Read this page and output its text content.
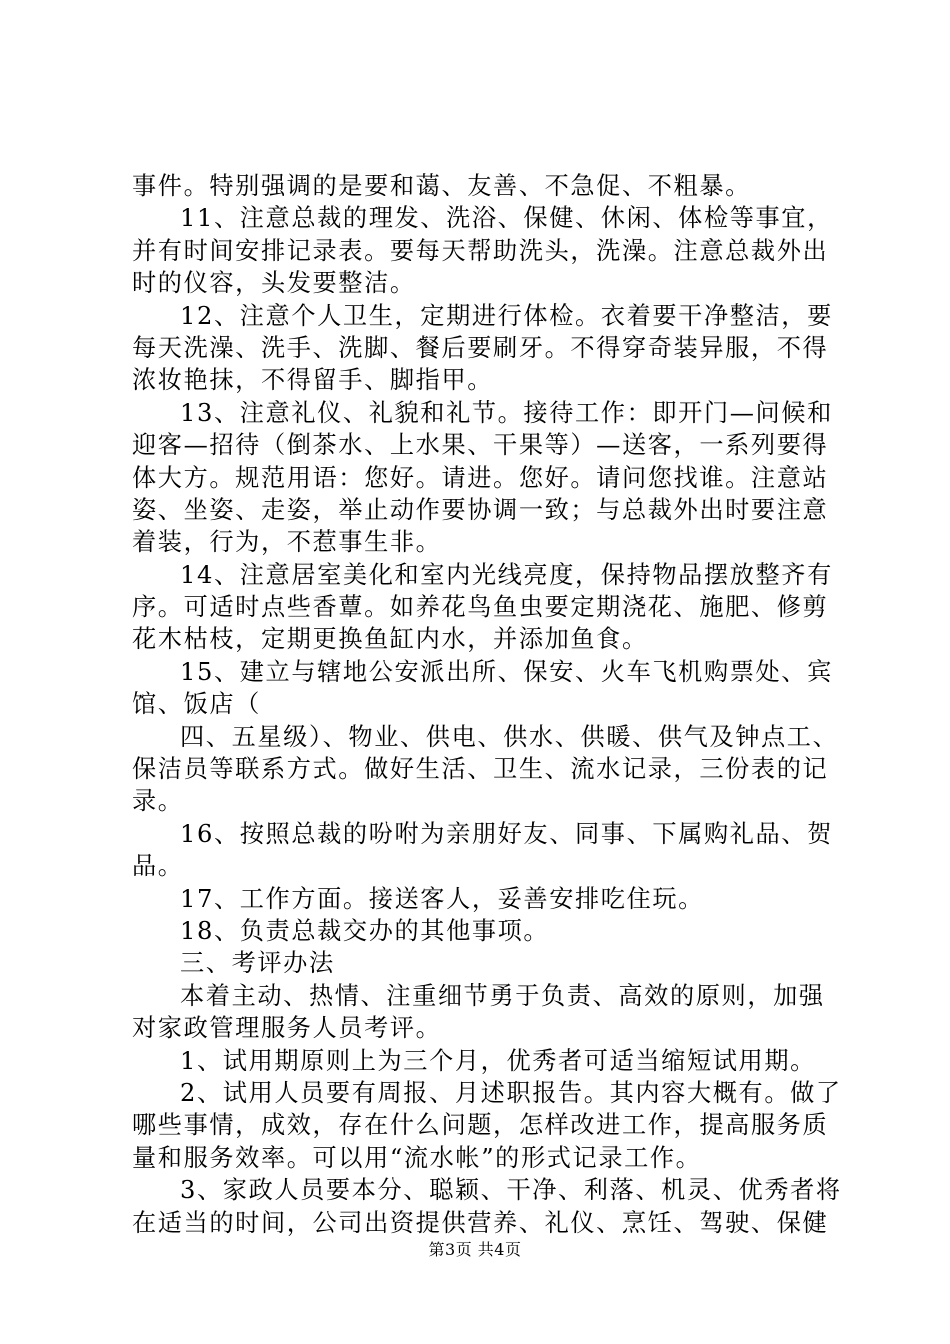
事件。特别强调的是要和蔼、友善、不急促、不粗暴。
11、注意总裁的理发、洗浴、保健、休闲、体检等事宜，
并有时间安排记录表。要每天帮助洗头，洗澡。注意总裁外出
时的仪容，头发要整洁。
12、注意个人卫生，定期进行体检。衣着要干净整洁，要
每天洗澡、洗手、洗脚、餐后要刷牙。不得穿奇装异服，不得
浓妆艳抹，不得留手、脚指甲。
13、注意礼仪、礼貌和礼节。接待工作：即开门—问候和
迎客—招待（倒茶水、上水果、干果等）—送客，一系列要得
体大方。规范用语：您好。请进。您好。请问您找谁。注意站
姿、坐姿、走姿，举止动作要协调一致；与总裁外出时要注意
着装，行为，不惹事生非。
14、注意居室美化和室内光线亮度，保持物品摆放整齐有
序。可适时点些香蕈。如养花鸟鱼虫要定期浇花、施肥、修剪
花木枯枝，定期更换鱼缸内水，并添加鱼食。
15、建立与辖地公安派出所、保安、火车飞机购票处、宾
馆、饭店（
四、五星级）、物业、供电、供水、供暖、供气及钟点工、
保洁员等联系方式。做好生活、卫生、流水记录，三份表的记
录。
16、按照总裁的吩咐为亲朋好友、同事、下属购礼品、贺
品。
17、工作方面。接送客人，妥善安排吃住玩。
18、负责总裁交办的其他事项。
三、考评办法
本着主动、热情、注重细节勇于负责、高效的原则，加强
对家政管理服务人员考评。
1、试用期原则上为三个月，优秀者可适当缩短试用期。
2、试用人员要有周报、月述职报告。其内容大概有。做了
哪些事情，成效，存在什么问题，怎样改进工作，提高服务质
量和服务效率。可以用“流水帐”的形式记录工作。
3、家政人员要本分、聪颖、干净、利落、机灵、优秀者将
在适当的时间，公司出资提供营养、礼仪、烹饪、驾驶、保健
第3页 共4页
